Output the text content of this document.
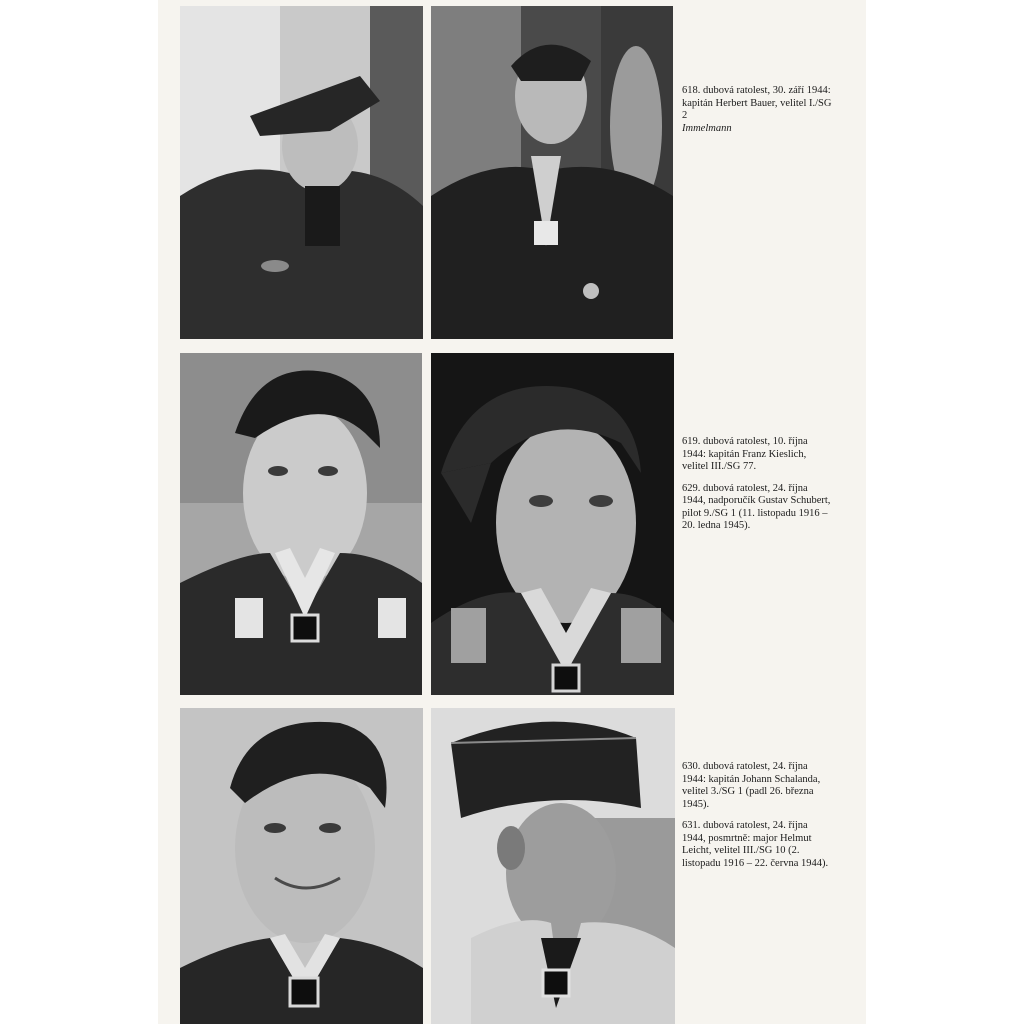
618. dubová ratolest, 30. září 1944: kapitán Herbert Bauer, velitel I./SG 2

Immelmann

619. dubová ratolest, 10. října 1944: kapitán Franz Kieslich, velitel III./SG 77.

629. dubová ratolest, 24. října 1944, nadporučík Gustav Schubert, pilot 9./SG 1 (11. listopadu 1916 – 20. ledna 1945).

630. dubová ratolest, 24. října 1944: kapitán Johann Schalanda, velitel 3./SG 1 (padl 26. března 1945).

631. dubová ratolest, 24. října 1944, posmrtně: major Helmut Leicht, velitel III./SG 10 (2. listopadu 1916 – 22. června 1944).
